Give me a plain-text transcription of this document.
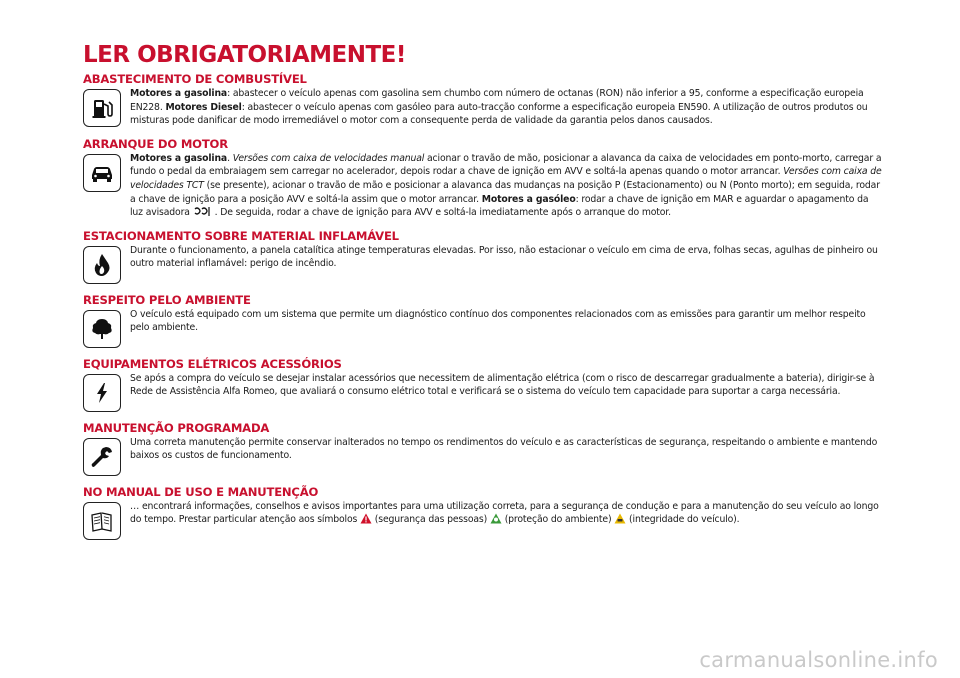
LER OBRIGATORIAMENTE!
ABASTECIMENTO DE COMBUSTÍVEL
Motores a gasolina: abastecer o veículo apenas com gasolina sem chumbo com número de octanas (RON) não inferior a 95, conforme a especificação europeia EN228. Motores Diesel: abastecer o veículo apenas com gasóleo para auto-tracção conforme a especificação europeia EN590. A utilização de outros produtos ou misturas pode danificar de modo irremediável o motor com a consequente perda de validade da garantia pelos danos causados.
ARRANQUE DO MOTOR
Motores a gasolina. Versões com caixa de velocidades manual acionar o travão de mão, posicionar a alavanca da caixa de velocidades em ponto-morto, carregar a fundo o pedal da embraiagem sem carregar no acelerador, depois rodar a chave de ignição em AVV e soltá-la apenas quando o motor arrancar. Versões com caixa de velocidades TCT (se presente), acionar o travão de mão e posicionar a alavanca das mudanças na posição P (Estacionamento) ou N (Ponto morto); em seguida, rodar a chave de ignição para a posição AVV e soltá-la assim que o motor arrancar. Motores a gasóleo: rodar a chave de ignição em MAR e aguardar o apagamento da luz avisadora . De seguida, rodar a chave de ignição para AVV e soltá-la imediatamente após o arranque do motor.
ESTACIONAMENTO SOBRE MATERIAL INFLAMÁVEL
Durante o funcionamento, a panela catalítica atinge temperaturas elevadas. Por isso, não estacionar o veículo em cima de erva, folhas secas, agulhas de pinheiro ou outro material inflamável: perigo de incêndio.
RESPEITO PELO AMBIENTE
O veículo está equipado com um sistema que permite um diagnóstico contínuo dos componentes relacionados com as emissões para garantir um melhor respeito pelo ambiente.
EQUIPAMENTOS ELÉTRICOS ACESSÓRIOS
Se após a compra do veículo se desejar instalar acessórios que necessitem de alimentação elétrica (com o risco de descarregar gradualmente a bateria), dirigir-se à Rede de Assistência Alfa Romeo, que avaliará o consumo elétrico total e verificará se o sistema do veículo tem capacidade para suportar a carga necessária.
MANUTENÇÃO PROGRAMADA
Uma correta manutenção permite conservar inalterados no tempo os rendimentos do veículo e as características de segurança, respeitando o ambiente e mantendo baixos os custos de funcionamento.
NO MANUAL DE USO E MANUTENÇÃO
… encontrará informações, conselhos e avisos importantes para uma utilização correta, para a segurança de condução e para a manutenção do seu veículo ao longo do tempo. Prestar particular atenção aos símbolos  (segurança das pessoas)  (proteção do ambiente)  (integridade do veículo).
carmanualsonline.info
